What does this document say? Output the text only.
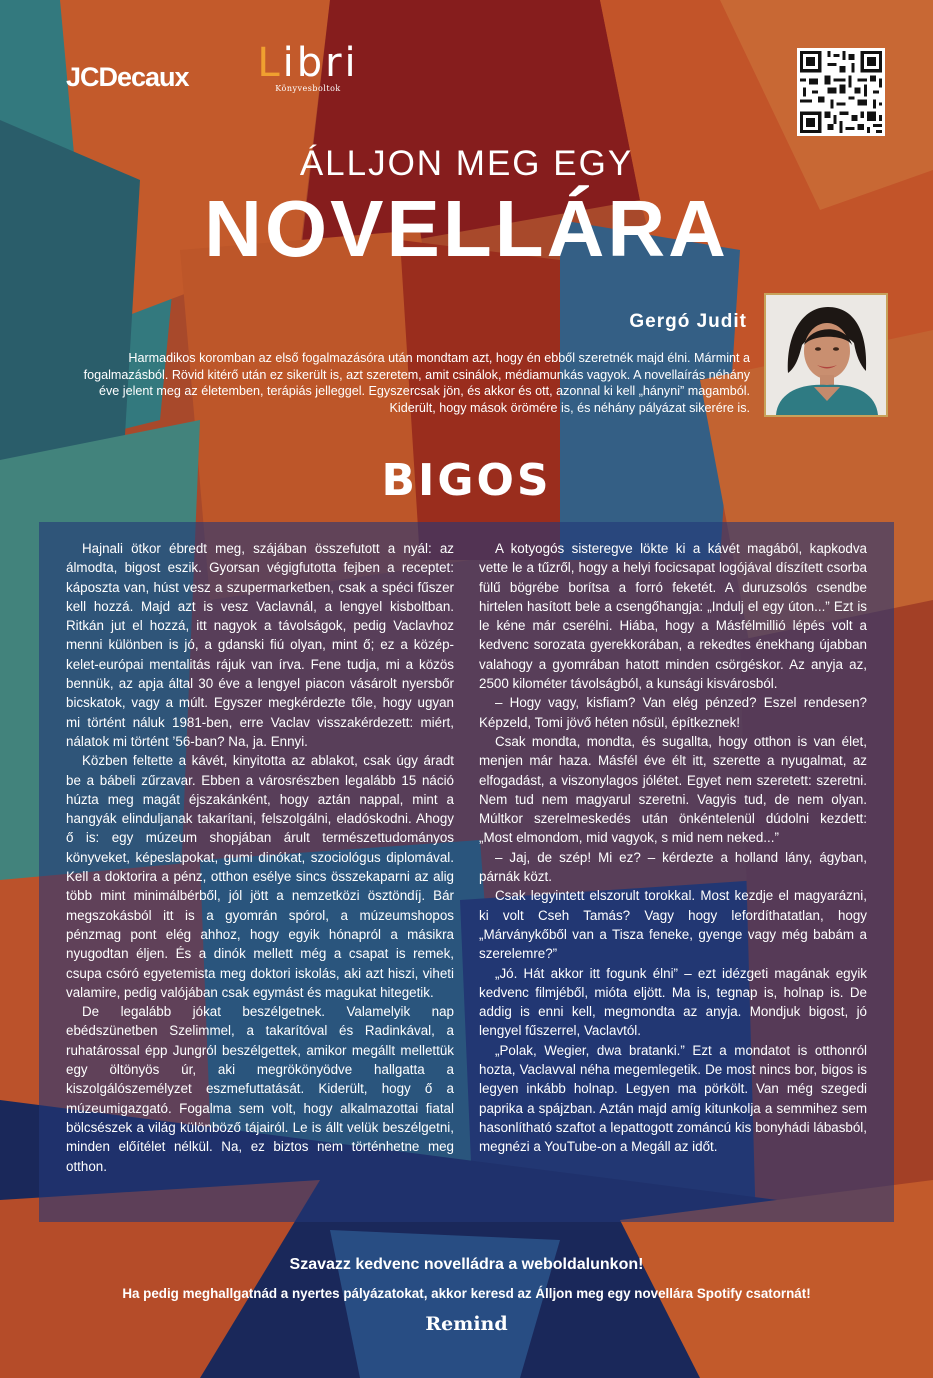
JCDecaux Libri
Könyvesboltok
ÁLLJON MEG EGY
NOVELLÁRA
Gergó Judit
Harmadikos koromban az első fogalmazásóra után mondtam azt, hogy én ebből szeretnék majd élni. Mármint a fogalmazásból. Rövid kitérő után ez sikerült is, azt szeretem, amit csinálok, médiamunkás vagyok. A novellaírás néhány éve jelent meg az életemben, terápiás jelleggel. Egyszercsak jön, és akkor és ott, azonnal ki kell „hányni” magamból. Kiderült, hogy mások örömére is, és néhány pályázat sikerére is.
BIGOS

Hajnali ötkor ébredt meg, szájában összefutott a nyál: az álmodta, bigost eszik. Gyorsan végigfutotta fejben a receptet: káposzta van, húst vesz a szupermarketben, csak a spéci fűszer kell hozzá. Majd azt is vesz Vaclavnál, a lengyel kisboltban. Ritkán jut el hozzá, itt nagyok a távolságok, pedig Vaclavhoz menni különben is jó, a gdanski fiú olyan, mint ő; ez a közép-kelet-európai mentalitás rájuk van írva. Fene tudja, mi a közös bennük, az apja által 30 éve a lengyel piacon vásárolt nyersbőr bicskatok, vagy a múlt. Egyszer megkérdezte tőle, hogy ugyan mi történt náluk 1981-ben, erre Vaclav visszakérdezett: miért, nálatok mi történt ’56-ban? Na, ja. Ennyi.

Közben feltette a kávét, kinyitotta az ablakot, csak úgy áradt be a bábeli zűrzavar. Ebben a városrészben legalább 15 náció húzta meg magát éjszakánként, hogy aztán nappal, mint a hangyák elinduljanak takarítani, felszolgálni, eladóskodni. Ahogy ő is: egy múzeum shopjában árult természettudományos könyveket, képeslapokat, gumi dinókat, szociológus diplomával. Kell a doktorira a pénz, otthon esélye sincs összekaparni az alig több mint minimálbérből, jól jött a nemzetközi ösztöndíj. Bár megszokásból itt is a gyomrán spórol, a múzeumshopos pénzmag pont elég ahhoz, hogy egyik hónapról a másikra nyugodtan éljen. És a dinók mellett még a csapat is remek, csupa csóró egyetemista meg doktori iskolás, aki azt hiszi, viheti valamire, pedig valójában csak egymást és magukat hitegetik.

De legalább jókat beszélgetnek. Valamelyik nap ebédszünetben Szelimmel, a takarítóval és Radinkával, a ruhatárossal épp Jungról beszélgettek, amikor megállt mellettük egy öltönyös úr, aki megrökönyödve hallgatta a kiszolgálószemélyzet eszmefuttatását. Kiderült, hogy ő a múzeumigazgató. Fogalma sem volt, hogy alkalmazottai fiatal bölcsészek a világ különböző tájairól. Le is állt velük beszélgetni, minden előítélet nélkül. Na, ez biztos nem történhetne meg otthon.

A kotyogós sisteregve lökte ki a kávét magából, kapkodva vette le a tűzről, hogy a helyi focicsapat logójával díszített csorba fülű bögrébe borítsa a forró feketét. A duruzsolós csendbe hirtelen hasított bele a csengőhangja: „Indulj el egy úton...” Ezt is le kéne már cserélni. Hiába, hogy a Másfélmillió lépés volt a kedvenc sorozata gyerekkorában, a rekedtes énekhang újabban valahogy a gyomrában hatott minden csörgéskor. Az anyja az, 2500 kilométer távolságból, a kunsági kisvárosból.

– Hogy vagy, kisfiam? Van elég pénzed? Eszel rendesen? Képzeld, Tomi jövő héten nősül, építkeznek!

Csak mondta, mondta, és sugallta, hogy otthon is van élet, menjen már haza. Másfél éve élt itt, szerette a nyugalmat, az elfogadást, a viszonylagos jólétet. Egyet nem szeretett: szeretni. Nem tud nem magyarul szeretni. Vagyis tud, de nem olyan. Múltkor szerelmeskedés után önkéntelenül dúdolni kezdett: „Most elmondom, mid vagyok, s mid nem neked...”

– Jaj, de szép! Mi ez? – kérdezte a holland lány, ágyban, párnák közt.

Csak legyintett elszorult torokkal. Most kezdje el magyarázni, ki volt Cseh Tamás? Vagy hogy lefordíthatatlan, hogy „Márványkőből van a Tisza feneke, gyenge vagy még babám a szerelemre?”

„Jó. Hát akkor itt fogunk élni” – ezt idézgeti magának egyik kedvenc filmjéből, mióta eljött. Ma is, tegnap is, holnap is. De addig is enni kell, megmondta az anyja. Mondjuk bigost, jó lengyel fűszerrel, Vaclavtól.

„Polak, Wegier, dwa bratanki.” Ezt a mondatot is otthonról hozta, Vaclavval néha megemlegetik. De most nincs bor, bigos is legyen inkább holnap. Legyen ma pörkölt. Van még szegedi paprika a spájzban. Aztán majd amíg kitunkolja a semmihez sem hasonlítható szaftot a lepattogott zománcú kis bonyhádi lábasból, megnézi a YouTube-on a Megáll az időt.

Szavazz kedvenc novelládra a weboldalunkon!
Ha pedig meghallgatnád a nyertes pályázatokat, akkor keresd az Álljon meg egy novellára Spotify csatornát!
Remind
